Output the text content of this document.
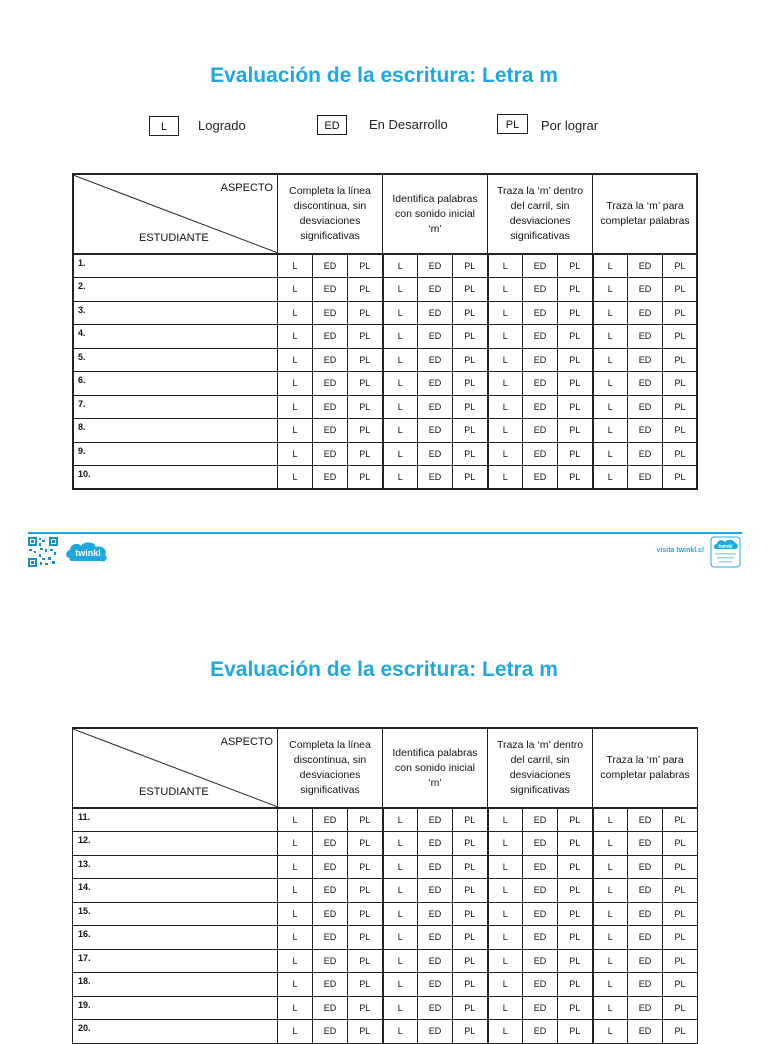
Evaluación de la escritura: Letra m
L	Logrado	ED	En Desarrollo	PL	Por lograr
ASPECTO
ESTUDIANTE	Completa la línea discontinua, sin desviaciones significativas			Identifica palabras con sonido inicial ‘m’			Traza la ‘m’ dentro del carril, sin desviaciones significativas			Traza la ‘m’ para completar palabras		
1.	L	ED	PL	L	ED	PL	L	ED	PL	L	ED	PL
2.	L	ED	PL	L	ED	PL	L	ED	PL	L	ED	PL
3.	L	ED	PL	L	ED	PL	L	ED	PL	L	ED	PL
4.	L	ED	PL	L	ED	PL	L	ED	PL	L	ED	PL
5.	L	ED	PL	L	ED	PL	L	ED	PL	L	ED	PL
6.	L	ED	PL	L	ED	PL	L	ED	PL	L	ED	PL
7.	L	ED	PL	L	ED	PL	L	ED	PL	L	ED	PL
8.	L	ED	PL	L	ED	PL	L	ED	PL	L	ED	PL
9.	L	ED	PL	L	ED	PL	L	ED	PL	L	ED	PL
10.	L	ED	PL	L	ED	PL	L	ED	PL	L	ED	PL
twinkl	visita twinkl.cl	twinkl
Evaluación de la escritura: Letra m
ASPECTO
ESTUDIANTE	Completa la línea discontinua, sin desviaciones significativas			Identifica palabras con sonido inicial ‘m’			Traza la ‘m’ dentro del carril, sin desviaciones significativas			Traza la ‘m’ para completar palabras		
11.	L	ED	PL	L	ED	PL	L	ED	PL	L	ED	PL
12.	L	ED	PL	L	ED	PL	L	ED	PL	L	ED	PL
13.	L	ED	PL	L	ED	PL	L	ED	PL	L	ED	PL
14.	L	ED	PL	L	ED	PL	L	ED	PL	L	ED	PL
15.	L	ED	PL	L	ED	PL	L	ED	PL	L	ED	PL
16.	L	ED	PL	L	ED	PL	L	ED	PL	L	ED	PL
17.	L	ED	PL	L	ED	PL	L	ED	PL	L	ED	PL
18.	L	ED	PL	L	ED	PL	L	ED	PL	L	ED	PL
19.	L	ED	PL	L	ED	PL	L	ED	PL	L	ED	PL
20.	L	ED	PL	L	ED	PL	L	ED	PL	L	ED	PL
